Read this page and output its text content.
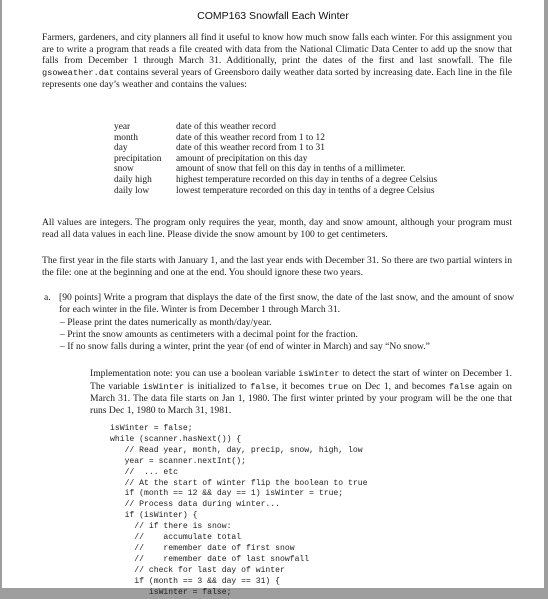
COMP163 Snowfall Each Winter
Farmers, gardeners, and city planners all find it useful to know how much snow falls each winter. For this assignment you are to write a program that reads a file created with data from the National Climatic Data Center to add up the snow that falls from December 1 through March 31. Additionally, print the dates of the first and last snowfall. The file gsoweather.dat contains several years of Greensboro daily weather data sorted by increasing date. Each line in the file represents one day’s weather and contains the values:
year	date of this weather record
month	date of this weather record from 1 to 12
day	date of this weather record from 1 to 31
precipitation	amount of precipitation on this day
snow	amount of snow that fell on this day in tenths of a millimeter.
daily high	highest temperature recorded on this day in tenths of a degree Celsius
daily low	lowest temperature recorded on this day in tenths of a degree Celsius
All values are integers. The program only requires the year, month, day and snow amount, although your program must read all data values in each line. Please divide the snow amount by 100 to get centimeters.
The first year in the file starts with January 1, and the last year ends with December 31. So there are two partial winters in the file: one at the beginning and one at the end. You should ignore these two years.
a. [90 points] Write a program that displays the date of the first snow, the date of the last snow, and the amount of snow for each winter in the file. Winter is from December 1 through March 31.
– Please print the dates numerically as month/day/year.
– Print the snow amounts as centimeters with a decimal point for the fraction.
– If no snow falls during a winter, print the year (of end of winter in March) and say “No snow.”
Implementation note: you can use a boolean variable isWinter to detect the start of winter on December 1. The variable isWinter is initialized to false, it becomes true on Dec 1, and becomes false again on March 31. The data file starts on Jan 1, 1980. The first winter printed by your program will be the one that runs Dec 1, 1980 to March 31, 1981.
isWinter = false;
while (scanner.hasNext()) {
// Read year, month, day, precip, snow, high, low
year = scanner.nextInt();
//  ... etc
// At the start of winter flip the boolean to true
if (month == 12 && day == 1) isWinter = true;
// Process data during winter...
if (isWinter) {
// if there is snow:
//    accumulate total
//    remember date of first snow
//    remember date of last snowfall
// check for last day of winter
if (month == 3 && day == 31) {
isWinter = false;
